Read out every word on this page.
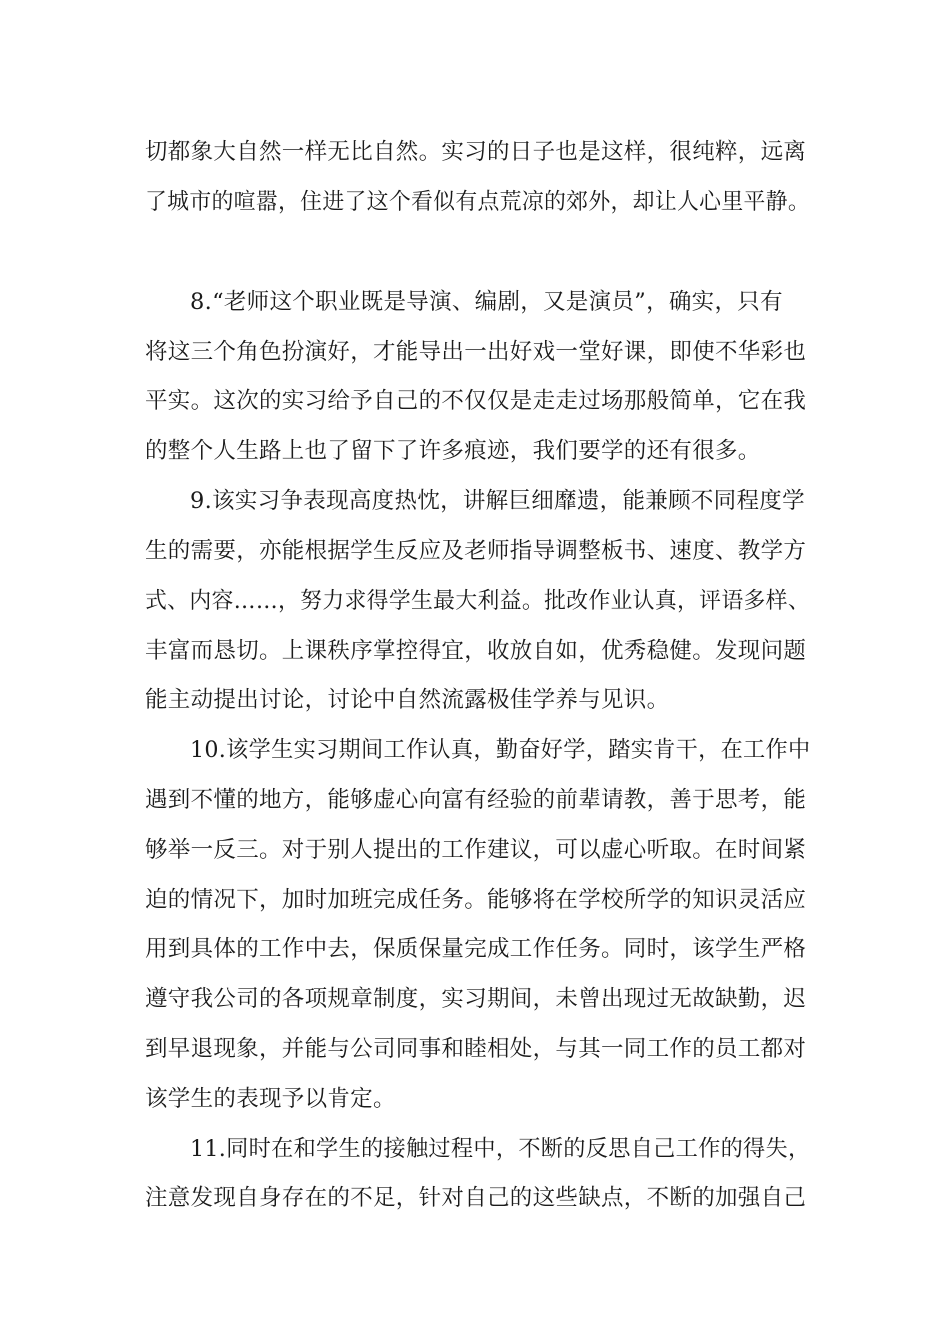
切都象大自然一样无比自然。实习的日子也是这样，很纯粹，远离
了城市的喧嚣，住进了这个看似有点荒凉的郊外，却让人心里平静。
8.“老师这个职业既是导演、编剧，又是演员”，确实，只有
将这三个角色扮演好，才能导出一出好戏一堂好课，即使不华彩也
平实。这次的实习给予自己的不仅仅是走走过场那般简单，它在我
的整个人生路上也了留下了许多痕迹，我们要学的还有很多。
9.该实习争表现高度热忱，讲解巨细靡遗，能兼顾不同程度学
生的需要，亦能根据学生反应及老师指导调整板书、速度、教学方
式、内容……，努力求得学生最大利益。批改作业认真，评语多样、
丰富而恳切。上课秩序掌控得宜，收放自如，优秀稳健。发现问题
能主动提出讨论，讨论中自然流露极佳学养与见识。
10.该学生实习期间工作认真，勤奋好学，踏实肯干，在工作中
遇到不懂的地方，能够虚心向富有经验的前辈请教，善于思考，能
够举一反三。对于别人提出的工作建议，可以虚心听取。在时间紧
迫的情况下，加时加班完成任务。能够将在学校所学的知识灵活应
用到具体的工作中去，保质保量完成工作任务。同时，该学生严格
遵守我公司的各项规章制度，实习期间，未曾出现过无故缺勤，迟
到早退现象，并能与公司同事和睦相处，与其一同工作的员工都对
该学生的表现予以肯定。
11.同时在和学生的接触过程中，不断的反思自己工作的得失，
注意发现自身存在的不足，针对自己的这些缺点，不断的加强自己
